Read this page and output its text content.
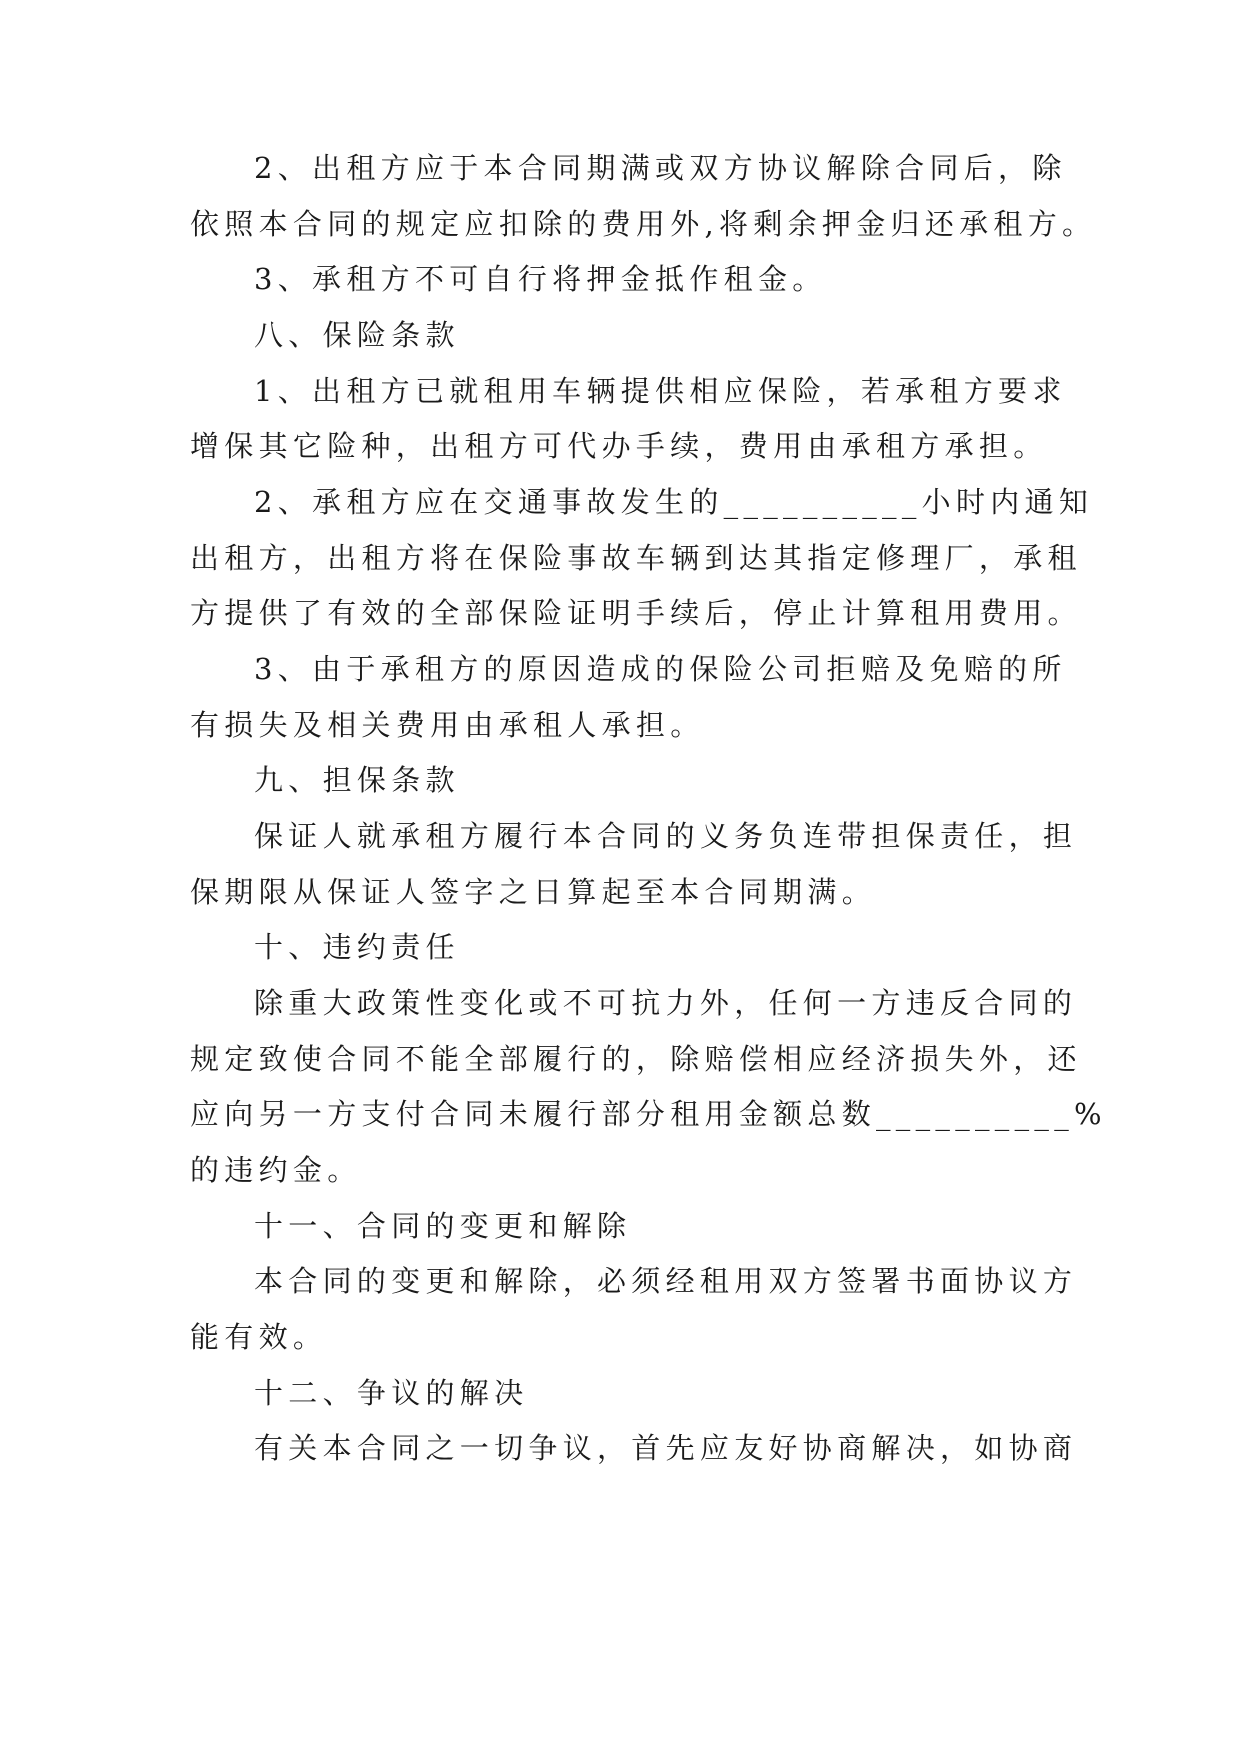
2、出租方应于本合同期满或双方协议解除合同后，除
依照本合同的规定应扣除的费用外,将剩余押金归还承租方。
3、承租方不可自行将押金抵作租金。
八、保险条款
1、出租方已就租用车辆提供相应保险，若承租方要求
增保其它险种，出租方可代办手续，费用由承租方承担。
2、承租方应在交通事故发生的__________小时内通知
出租方，出租方将在保险事故车辆到达其指定修理厂，承租
方提供了有效的全部保险证明手续后，停止计算租用费用。
3、由于承租方的原因造成的保险公司拒赔及免赔的所
有损失及相关费用由承租人承担。
九、担保条款
保证人就承租方履行本合同的义务负连带担保责任，担
保期限从保证人签字之日算起至本合同期满。
十、违约责任
除重大政策性变化或不可抗力外，任何一方违反合同的
规定致使合同不能全部履行的，除赔偿相应经济损失外，还
应向另一方支付合同未履行部分租用金额总数__________%
的违约金。
十一、合同的变更和解除
本合同的变更和解除，必须经租用双方签署书面协议方
能有效。
十二、争议的解决
有关本合同之一切争议，首先应友好协商解决，如协商
